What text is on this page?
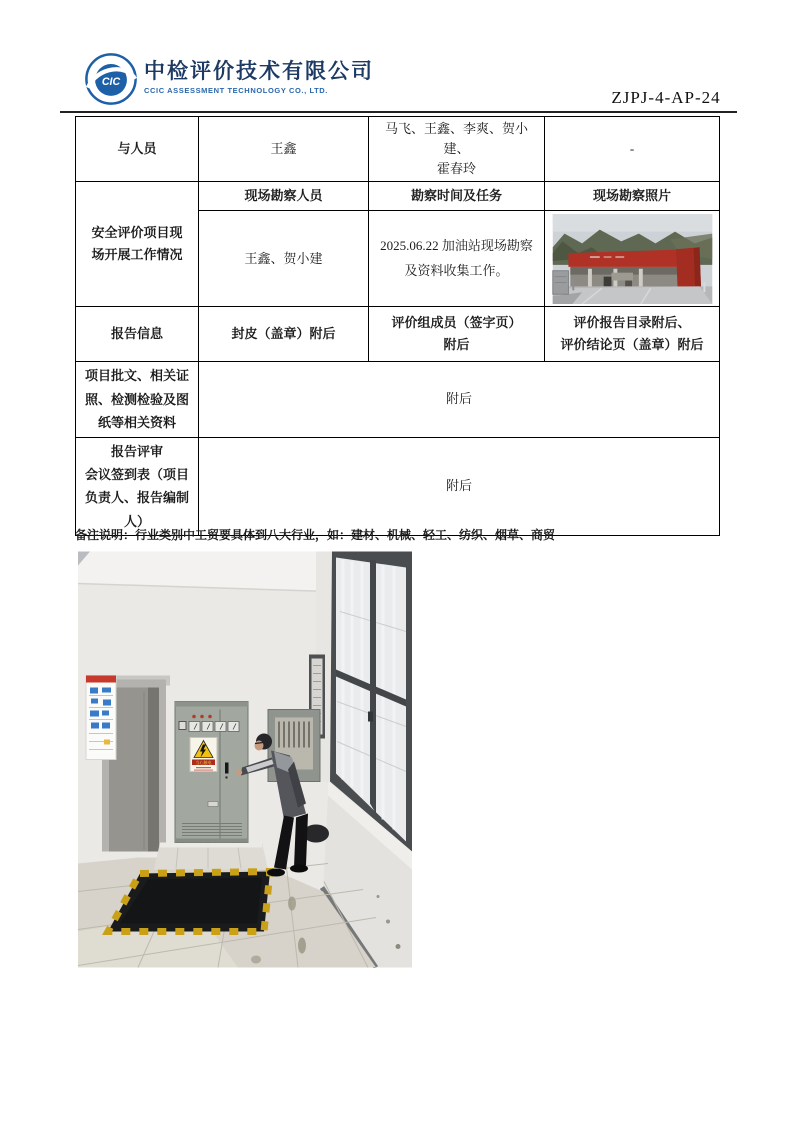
CIC 中检评价技术有限公司
CCIC ASSESSMENT TECHNOLOGY CO., LTD.	ZJPJ-4-AP-24
与人员	王鑫	马飞、王鑫、李爽、贺小建、
霍春玲	-

安全评价项目现
场开展工作情况	现场勘察人员	勘察时间及任务	现场勘察照片
	王鑫、贺小建	2025.06.22 加油站现场勘察及资料收集工作。	

报告信息	封皮（盖章）附后	评价组成员（签字页）
附后	评价报告目录附后、
评价结论页（盖章）附后

项目批文、相关证
照、检测检验及图
纸等相关资料	附后		

报告评审
会议签到表（项目
负责人、报告编制
人）	附后		
备注说明：行业类别中工贸要具体到八大行业，如：建材、机械、轻工、纺织、烟草、商贸
当心触电
